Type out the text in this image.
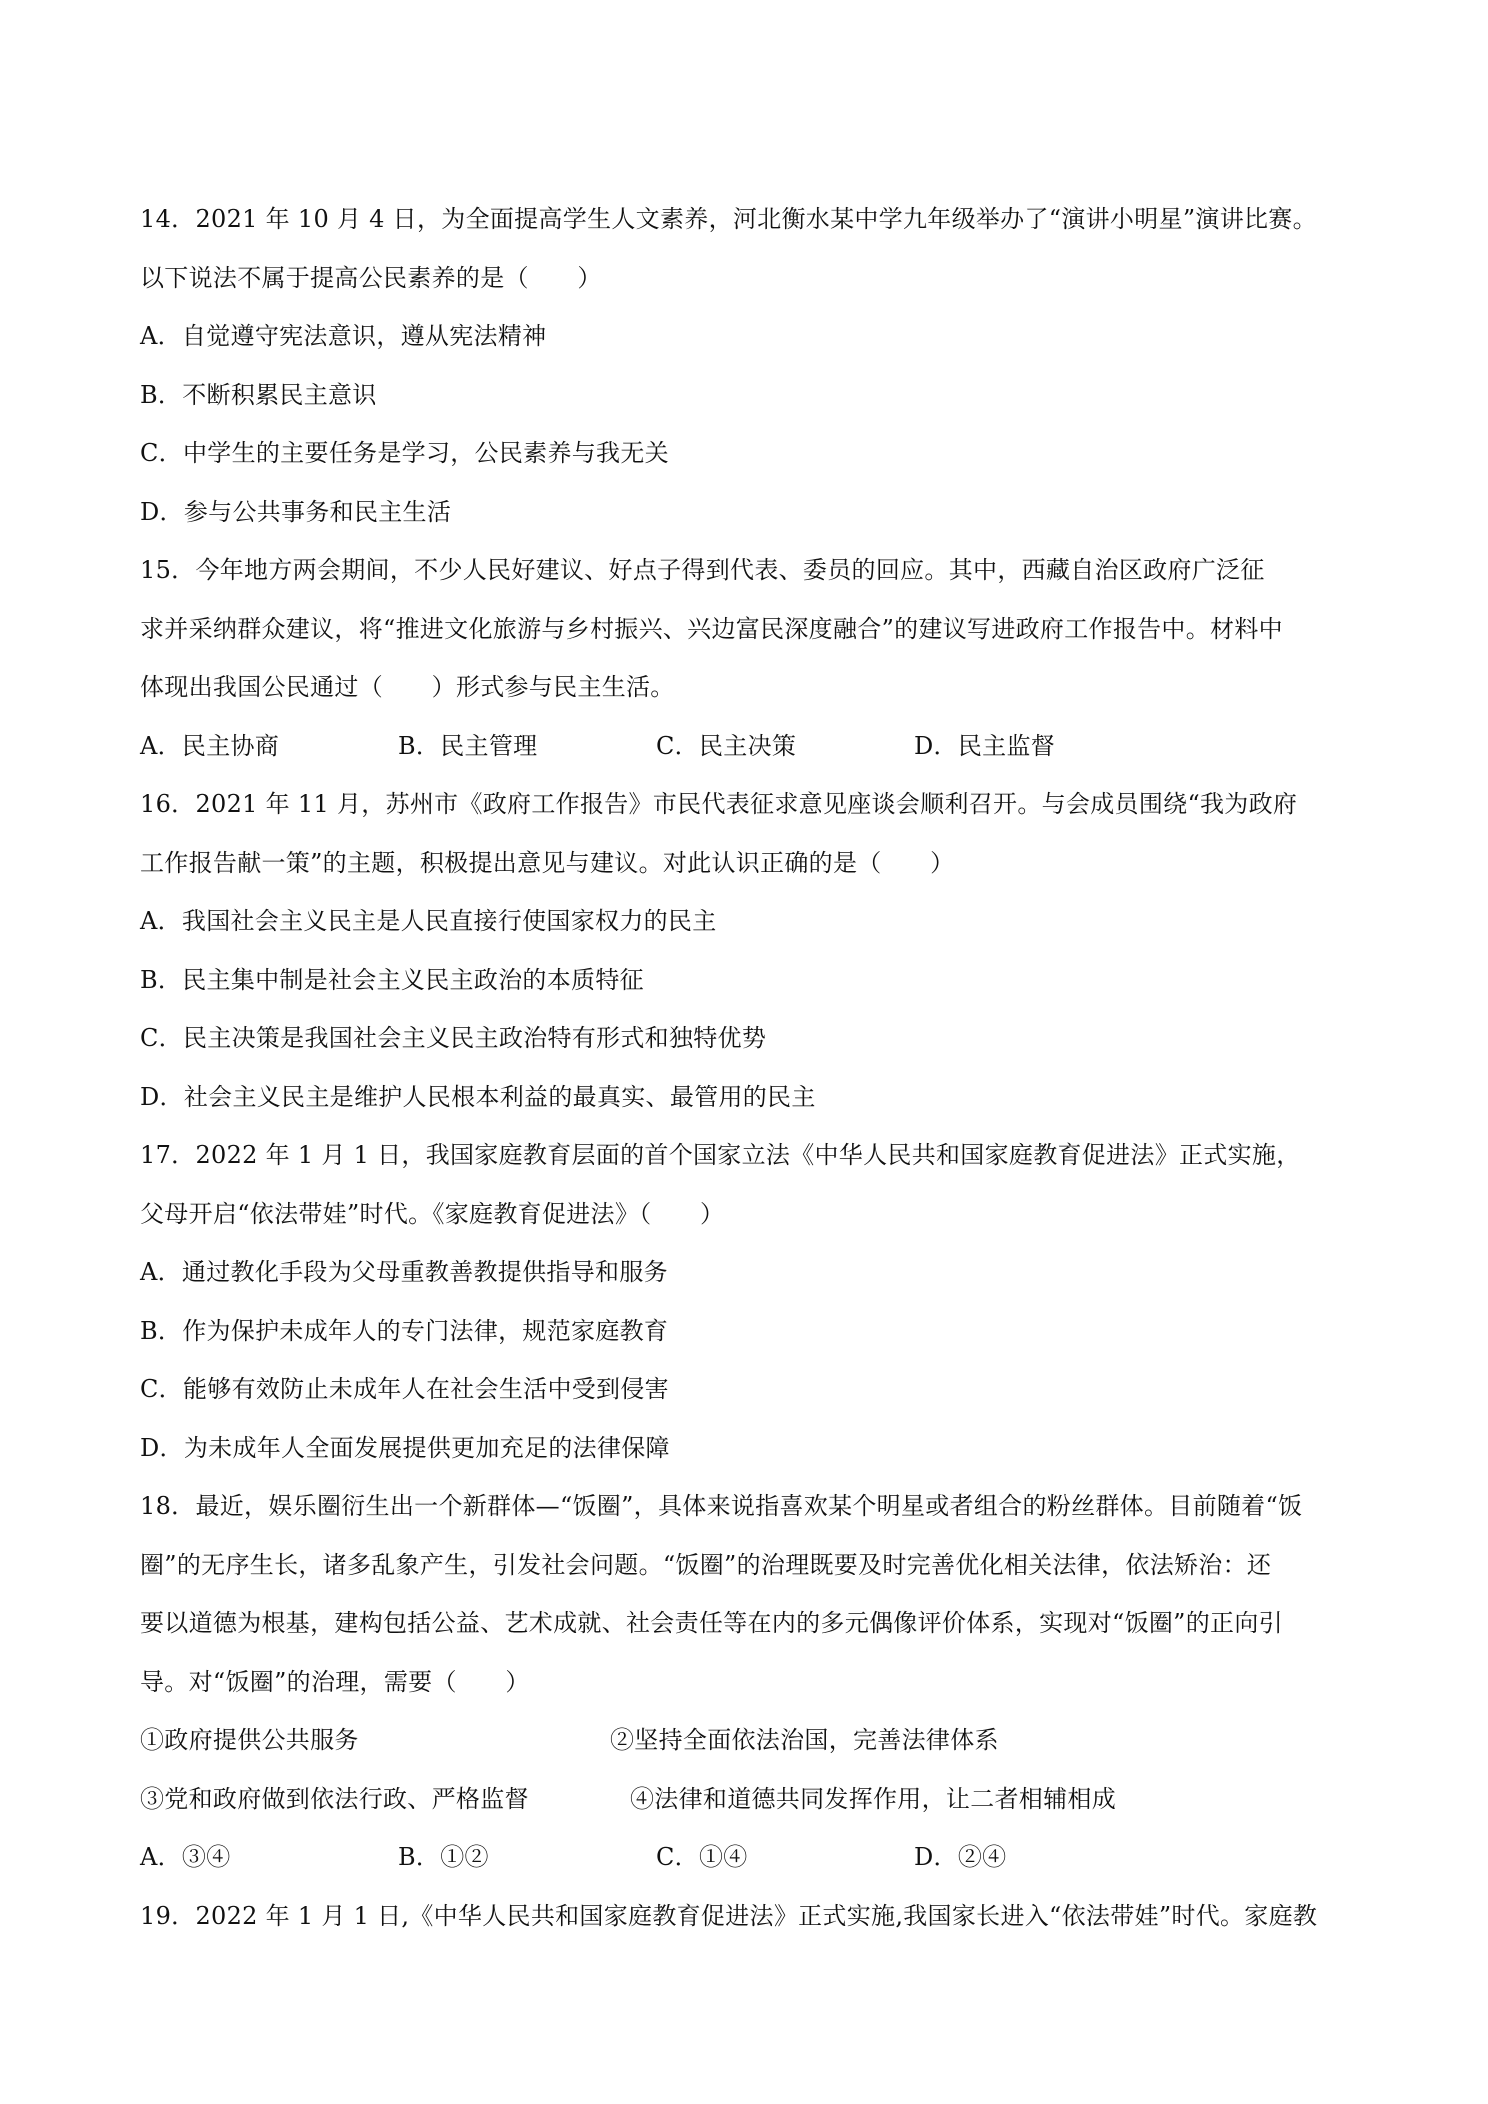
14．2021 年 10 月 4 日，为全面提高学生人文素养，河北衡水某中学九年级举办了“演讲小明星”演讲比赛。
以下说法不属于提高公民素养的是（　　）
A．自觉遵守宪法意识，遵从宪法精神
B．不断积累民主意识
C．中学生的主要任务是学习，公民素养与我无关
D．参与公共事务和民主生活
15．今年地方两会期间，不少人民好建议、好点子得到代表、委员的回应。其中，西藏自治区政府广泛征
求并采纳群众建议，将“推进文化旅游与乡村振兴、兴边富民深度融合”的建议写进政府工作报告中。材料中
体现出我国公民通过（　　）形式参与民主生活。
A．民主协商	B．民主管理	C．民主决策	D．民主监督
16．2021 年 11 月，苏州市《政府工作报告》市民代表征求意见座谈会顺利召开。与会成员围绕“我为政府
工作报告献一策”的主题，积极提出意见与建议。对此认识正确的是（　　）
A．我国社会主义民主是人民直接行使国家权力的民主
B．民主集中制是社会主义民主政治的本质特征
C．民主决策是我国社会主义民主政治特有形式和独特优势
D．社会主义民主是维护人民根本利益的最真实、最管用的民主
17．2022 年 1 月 1 日，我国家庭教育层面的首个国家立法《中华人民共和国家庭教育促进法》正式实施，
父母开启“依法带娃”时代。《家庭教育促进法》（　　）
A．通过教化手段为父母重教善教提供指导和服务
B．作为保护未成年人的专门法律，规范家庭教育
C．能够有效防止未成年人在社会生活中受到侵害
D．为未成年人全面发展提供更加充足的法律保障
18．最近，娱乐圈衍生出一个新群体—“饭圈”，具体来说指喜欢某个明星或者组合的粉丝群体。目前随着“饭
圈”的无序生长，诸多乱象产生，引发社会问题。“饭圈”的治理既要及时完善优化相关法律，依法矫治：还
要以道德为根基，建构包括公益、艺术成就、社会责任等在内的多元偶像评价体系，实现对“饭圈”的正向引
导。对“饭圈”的治理，需要（　　）
①政府提供公共服务	②坚持全面依法治国，完善法律体系
③党和政府做到依法行政、严格监督	④法律和道德共同发挥作用，让二者相辅相成
A．③④	B．①②	C．①④	D．②④
19．2022 年 1 月 1 日,《中华人民共和国家庭教育促进法》正式实施,我国家长进入“依法带娃”时代。家庭教
